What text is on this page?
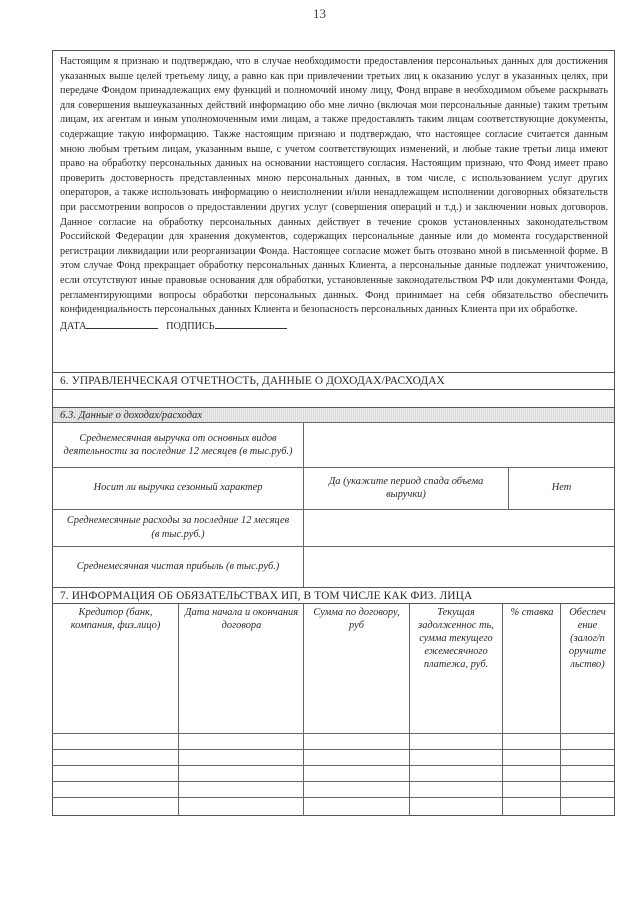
13

Настоящим я признаю и подтверждаю, что в случае необходимости предоставления персональных данных для достижения указанных выше целей третьему лицу, а равно как при привлечении третьих лиц к оказанию услуг в указанных целях, при передаче Фондом принадлежащих ему функций и полномочий иному лицу, Фонд вправе в необходимом объеме раскрывать для совершения вышеуказанных действий информацию обо мне лично (включая мои персональные данные) таким третьим лицам, их агентам и иным уполномоченным ими лицам, а также предоставлять таким лицам соответствующие документы, содержащие такую информацию. Также настоящим признаю и подтверждаю, что настоящее согласие считается данным мною любым третьим лицам, указанным выше, с учетом соответствующих изменений, и любые такие третьи лица имеют право на обработку персональных данных на основании настоящего согласия. Настоящим признаю, что Фонд имеет право проверить достоверность представленных мною персональных данных, в том числе, с использованием услуг других операторов, а также использовать информацию о неисполнении и/или ненадлежащем исполнении договорных обязательств при рассмотрении вопросов о предоставлении других услуг (совершения операций и т.д.) и заключении новых договоров. Данное согласие на обработку персональных данных действует в течение сроков установленных законодательством Российской Федерации для хранения документов, содержащих персональные данные или до момента государственной регистрации ликвидации или реорганизации Фонда. Настоящее согласие может быть отозвано мной в письменной форме. В этом случае Фонд прекращает обработку персональных данных Клиента, а персональные данные подлежат уничтожению, если отсутствуют иные правовые основания для обработки, установленные законодательством РФ или документами Фонда, регламентирующими вопросы обработки персональных данных. Фонд принимает на себя обязательство обеспечить конфиденциальность персональных данных Клиента и безопасность персональных данных Клиента при их обработке.

ДАТА	ПОДПИСЬ
6. УПРАВЛЕНЧЕСКАЯ ОТЧЕТНОСТЬ, ДАННЫЕ О ДОХОДАХ/РАСХОДАХ
6.3. Данные о доходах/расходах
Среднемесячная выручка от основных видов деятельности за последние 12 месяцев (в тыс.руб.)
Носит ли выручка сезонный характер
Да (укажите период спада объема выручки)
Нет
Среднемесячные расходы за последние 12 месяцев (в тыс.руб.)
Среднемесячная чистая прибыль (в тыс.руб.)
7. ИНФОРМАЦИЯ ОБ ОБЯЗАТЕЛЬСТВАХ ИП, В ТОМ ЧИСЛЕ КАК ФИЗ. ЛИЦА
Кредитор (банк, компания, физ.лицо)
Дата начала и окончания договора
Сумма по договору, руб
Текущая задолженнос ть, сумма текущего ежемесячного платежа, руб.
% ставка	Обеспеч ение (залог/п оручите льство)
